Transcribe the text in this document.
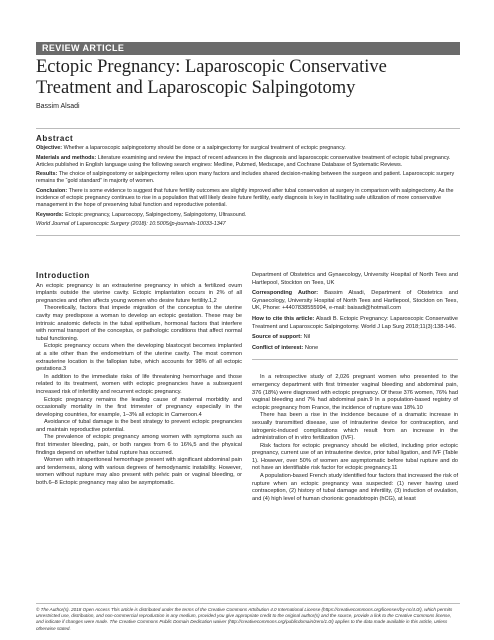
REVIEW ARTICLE
Ectopic Pregnancy: Laparoscopic Conservative Treatment and Laparoscopic Salpingotomy
Bassim Alsadi
Abstract

Objective: Whether a laparoscopic salpingostomy should be done or a salpingectomy for surgical treatment of ectopic pregnancy.

Materials and methods: Literature examining and review the impact of recent advances in the diagnosis and laparoscopic conservative treatment of ectopic tubal pregnancy. Articles published in English language using the following search engines: Medline, Pubmed, Medscape, and Cochrane Database of Systematic Reviews.

Results: The choice of salpingostomy or salpingectomy relies upon many factors and includes shared decision-making between the surgeon and patient. Laparoscopic surgery remains the “gold standard” in majority of women.

Conclusion: There is some evidence to suggest that future fertility outcomes are slightly improved after tubal conservation at surgery in comparison with salpingectomy. As the incidence of ectopic pregnancy continues to rise in a population that will likely desire future fertility, early diagnosis is key in facilitating safe utilization of more conservative management in the hope of preserving tubal function and reproductive potential.

Keywords: Ectopic pregnancy, Laparoscopy, Salpingectomy, Salpingotomy, Ultrasound.

World Journal of Laparoscopic Surgery (2018): 10.5005/jp-journals-10033-1347

Introduction

An ectopic pregnancy is an extrauterine pregnancy in which a fertilized ovum implants outside the uterine cavity. Ectopic implantation occurs in 2% of all pregnancies and often affects young women who desire future fertility.1,2

Theoretically, factors that impede migration of the conceptus to the uterine cavity may predispose a woman to develop an ectopic gestation. These may be intrinsic anatomic defects in the tubal epithelium, hormonal factors that interfere with normal transport of the conceptus, or pathologic conditions that affect normal tubal functioning.

Ectopic pregnancy occurs when the developing blastocyst becomes implanted at a site other than the endometrium of the uterine cavity. The most common extrauterine location is the fallopian tube, which accounts for 98% of all ectopic gestations.3

In addition to the immediate risks of life threatening hemorrhage and those related to its treatment, women with ectopic pregnancies have a subsequent increased risk of infertility and recurrent ectopic pregnancy.

Ectopic pregnancy remains the leading cause of maternal morbidity and occasionally mortality in the first trimester of pregnancy especially in the developing countries, for example, 1–3% all ectopic in Cameroon.4

Avoidance of tubal damage is the best strategy to prevent ectopic pregnancies and maintain reproductive potential.

The prevalence of ectopic pregnancy among women with symptoms such as first trimester bleeding, pain, or both ranges from 6 to 16%,5 and the physical findings depend on whether tubal rupture has occurred.

Women with intraperitoneal hemorrhage present with significant abdominal pain and tenderness, along with various degrees of hemodynamic instability. However, women without rupture may also present with pelvic pain or vaginal bleeding, or both.6–8 Ectopic pregnancy may also be asymptomatic.

Department of Obstetrics and Gynaecology, University Hospital of North Tees and Hartlepool, Stockton on Tees, UK

Corresponding Author: Bassim Alsadi, Department of Obstetrics and Gynaecology, University Hospital of North Tees and Hartlepool, Stockton on Tees, UK, Phone: +4407838555994, e-mail: baisadi@hotmail.com

How to cite this article: Alsadi B. Ectopic Pregnancy: Laparoscopic Conservative Treatment and Laparoscopic Salpingotomy. World J Lap Surg 2018;11(3):138-146.

Source of support: Nil

Conflict of interest: None

In a retrospective study of 2,026 pregnant women who presented to the emergency department with first trimester vaginal bleeding and abdominal pain, 376 (18%) were diagnosed with ectopic pregnancy. Of these 376 women, 76% had vaginal bleeding and 7% had abdominal pain.9 In a population-based registry of ectopic pregnancy from France, the incidence of rupture was 18%.10

There has been a rise in the incidence because of a dramatic increase in sexually transmitted disease, use of intrauterine device for contraception, and iatrogenic-induced complications which result from an increase in the administration of in vitro fertilization (IVF).

Risk factors for ectopic pregnancy should be elicited, including prior ectopic pregnancy, current use of an intrauterine device, prior tubal ligation, and IVF (Table 1). However, over 50% of women are asymptomatic before tubal rupture and do not have an identifiable risk factor for ectopic pregnancy.11

A population-based French study identified four factors that increased the risk of rupture when an ectopic pregnancy was suspected: (1) never having used contraception, (2) history of tubal damage and infertility, (3) induction of ovulation, and (4) high level of human chorionic gonadotropin (hCG), at least

© The Author(s). 2018 Open Access This article is distributed under the terms of the Creative Commons Attribution 4.0 International License (https://creativecommons.org/licenses/by-nc/4.0/), which permits unrestricted use, distribution, and non-commercial reproduction in any medium, provided you give appropriate credit to the original author(s) and the source, provide a link to the Creative Commons license, and indicate if changes were made. The Creative Commons Public Domain Dedication waiver (http://creativecommons.org/publicdomain/zero/1.0/) applies to the data made available in this article, unless otherwise stated.
